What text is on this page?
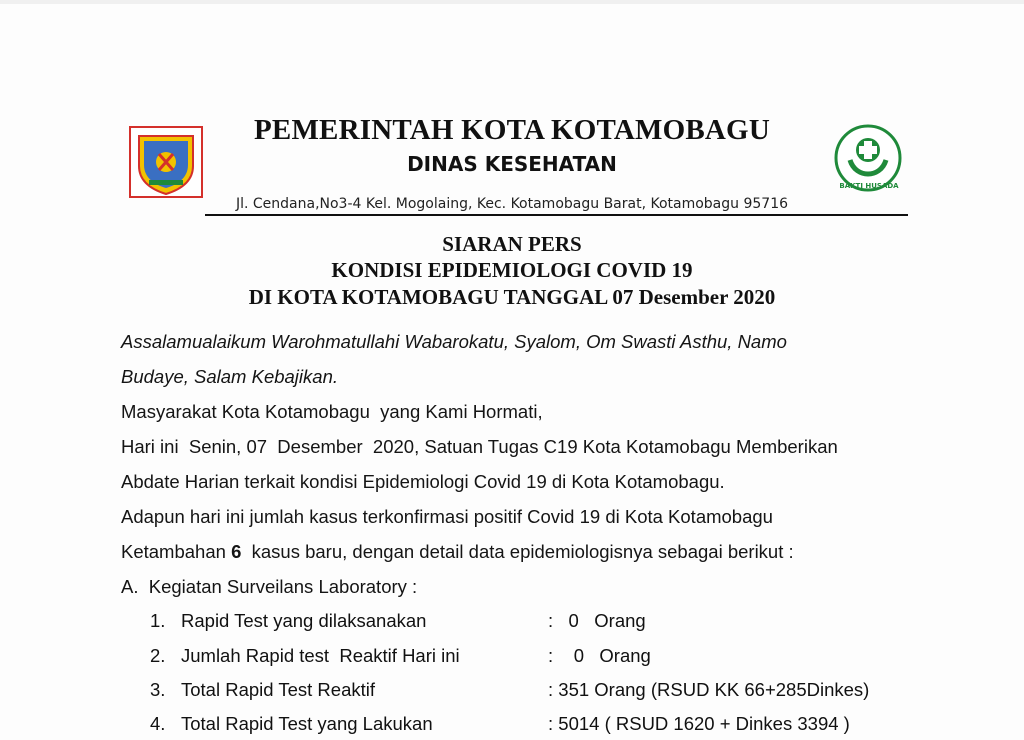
BAKTI HUSADA
PEMERINTAH KOTA KOTAMOBAGU
DINAS KESEHATAN
Jl. Cendana,No3-4 Kel. Mogolaing, Kec. Kotamobagu Barat, Kotamobagu 95716
SIARAN PERS
KONDISI EPIDEMIOLOGI COVID 19
DI KOTA KOTAMOBAGU TANGGAL 07 Desember 2020
Assalamualaikum Warohmatullahi Wabarokatu, Syalom, Om Swasti Asthu, Namo
Budaye, Salam Kebajikan.
Masyarakat Kota Kotamobagu  yang Kami Hormati,
Hari ini  Senin, 07  Desember  2020, Satuan Tugas C19 Kota Kotamobagu Memberikan
Abdate Harian terkait kondisi Epidemiologi Covid 19 di Kota Kotamobagu.
Adapun hari ini jumlah kasus terkonfirmasi positif Covid 19 di Kota Kotamobagu
Ketambahan 6  kasus baru, dengan detail data epidemiologisnya sebagai berikut :
A.  Kegiatan Surveilans Laboratory :
1. Rapid Test yang dilaksanakan	:   0   Orang
2. Jumlah Rapid test  Reaktif Hari ini	:    0   Orang
3. Total Rapid Test Reaktif	: 351 Orang (RSUD KK 66+285Dinkes)
4. Total Rapid Test yang Lakukan	: 5014 ( RSUD 1620 + Dinkes 3394 )
